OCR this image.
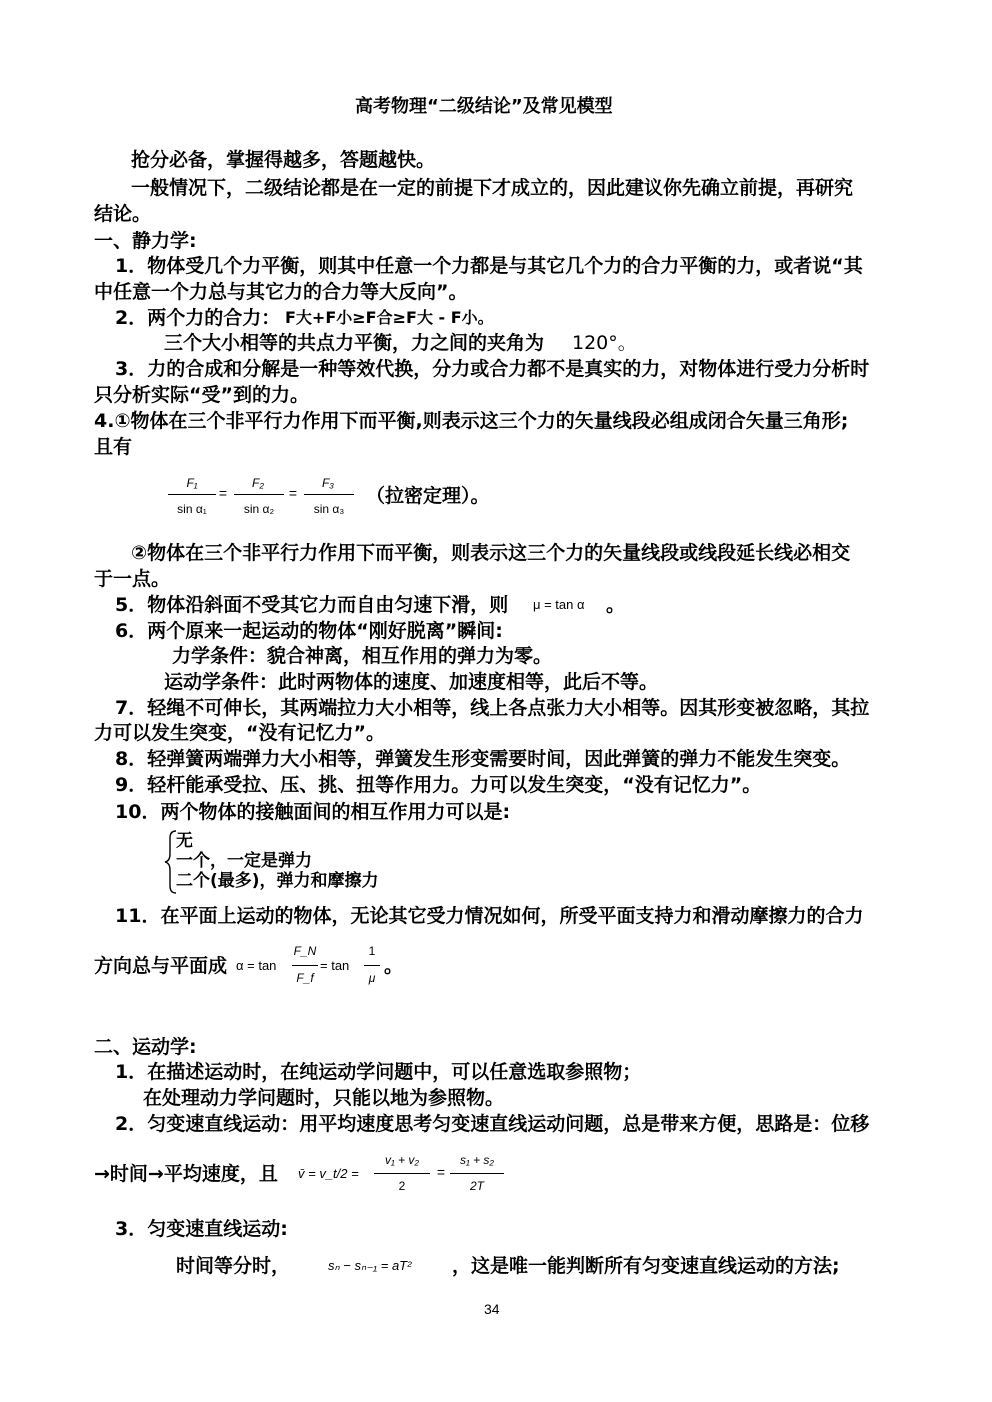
高考物理“二级结论”及常见模型
抢分必备，掌握得越多，答题越快。
一般情况下，二级结论都是在一定的前提下才成立的，因此建议你先确立前提，再研究
结论。
一、静力学:
1．物体受几个力平衡，则其中任意一个力都是与其它几个力的合力平衡的力，或者说“其
中任意一个力总与其它力的合力等大反向”。
2．两个力的合力： F大+F小≥F合≥F大 - F小。
三个大小相等的共点力平衡，力之间的夹角为 120°。
3．力的合成和分解是一种等效代换，分力或合力都不是真实的力，对物体进行受力分析时
只分析实际“受”到的力。
4.①物体在三个非平行力作用下而平衡,则表示这三个力的矢量线段必组成闭合矢量三角形;
且有
F₁
sin α₁
=
F₂
sin α₂
=
F₃
sin α₃
（拉密定理）。
②物体在三个非平行力作用下而平衡，则表示这三个力的矢量线段或线段延长线必相交
于一点。
5．物体沿斜面不受其它力而自由匀速下滑，则 μ = tan α 。
6．两个原来一起运动的物体“刚好脱离”瞬间:
力学条件：貌合神离，相互作用的弹力为零。
运动学条件：此时两物体的速度、加速度相等，此后不等。
7．轻绳不可伸长，其两端拉力大小相等，线上各点张力大小相等。因其形变被忽略，其拉
力可以发生突变，“没有记忆力”。
8．轻弹簧两端弹力大小相等，弹簧发生形变需要时间，因此弹簧的弹力不能发生突变。
9．轻杆能承受拉、压、挑、扭等作用力。力可以发生突变，“没有记忆力”。
10．两个物体的接触面间的相互作用力可以是:
无
一个，一定是弹力
二个(最多)，弹力和摩擦力
11．在平面上运动的物体，无论其它受力情况如何，所受平面支持力和滑动摩擦力的合力
方向总与平面成 α = tan
F_N
F_f
= tan
1
μ
。
二、运动学:
1．在描述运动时，在纯运动学问题中，可以任意选取参照物；
在处理动力学问题时，只能以地为参照物。
2．匀变速直线运动：用平均速度思考匀变速直线运动问题，总是带来方便，思路是：位移
→时间→平均速度，且 v̄ = v_t/2 =
v₁ + v₂
2
=
s₁ + s₂
2T
3．匀变速直线运动:
时间等分时，	sₙ − sₙ₋₁ = aT² ，这是唯一能判断所有匀变速直线运动的方法;
34
